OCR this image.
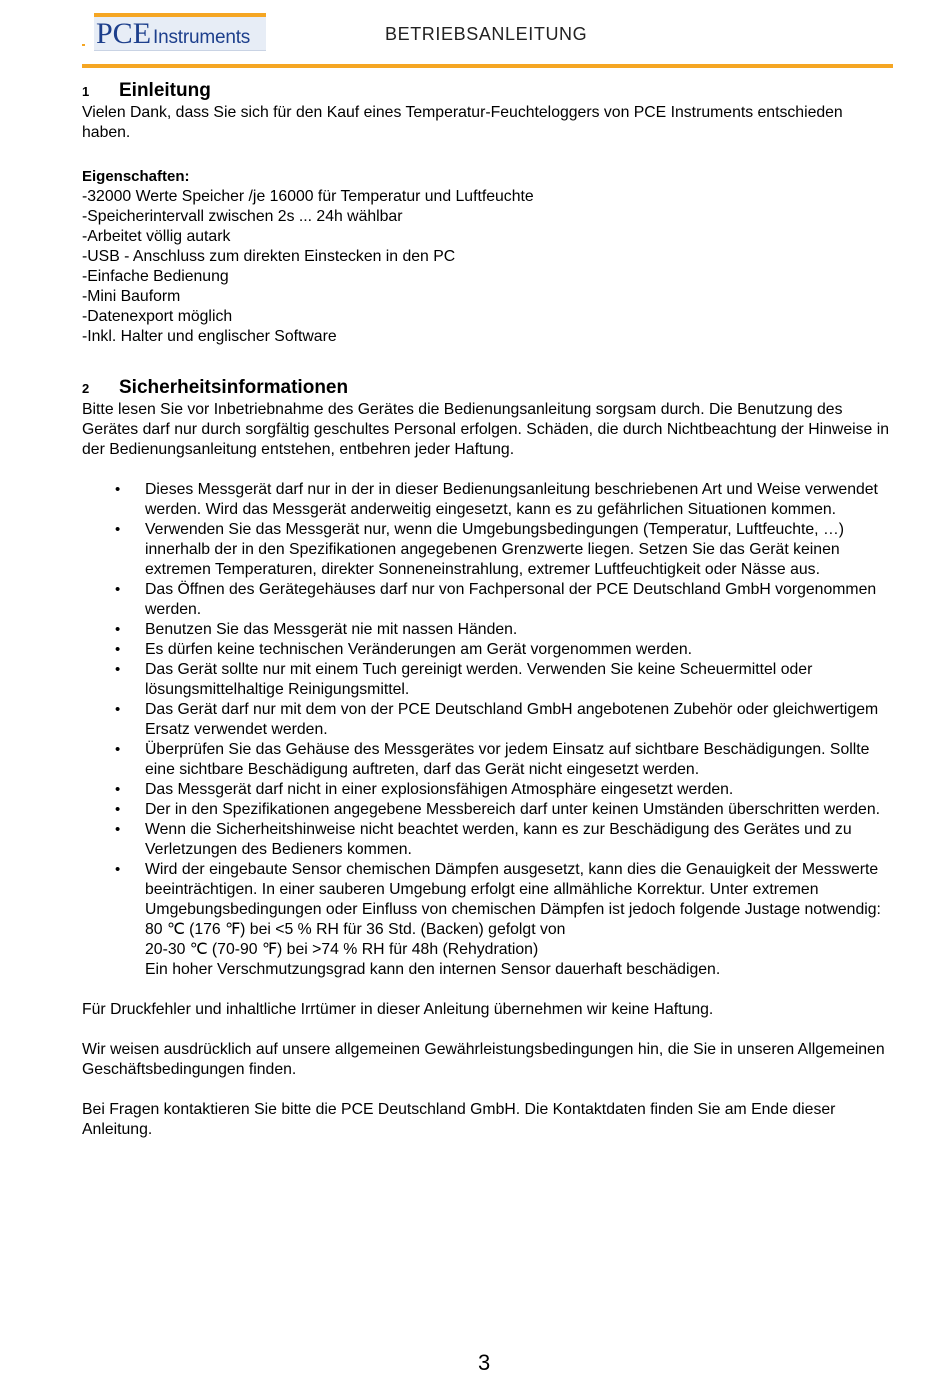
PCE Instruments	BETRIEBSANLEITUNG
1 Einleitung

Vielen Dank, dass Sie sich für den Kauf eines Temperatur-Feuchteloggers von PCE Instruments entschieden haben.

Eigenschaften:

-32000 Werte Speicher /je 16000 für Temperatur und Luftfeuchte

-Speicherintervall zwischen 2s ... 24h wählbar

-Arbeitet völlig autark

-USB - Anschluss zum direkten Einstecken in den PC

-Einfache Bedienung

-Mini Bauform

-Datenexport möglich

-Inkl. Halter und englischer Software

2 Sicherheitsinformationen

Bitte lesen Sie vor Inbetriebnahme des Gerätes die Bedienungsanleitung sorgsam durch. Die Benutzung des Gerätes darf nur durch sorgfältig geschultes Personal erfolgen. Schäden, die durch Nichtbeachtung der Hinweise in der Bedienungsanleitung entstehen, entbehren jeder Haftung.

• Dieses Messgerät darf nur in der in dieser Bedienungsanleitung beschriebenen Art und Weise verwendet werden. Wird das Messgerät anderweitig eingesetzt, kann es zu gefährlichen Situationen kommen.
• Verwenden Sie das Messgerät nur, wenn die Umgebungsbedingungen (Temperatur, Luftfeuchte, …) innerhalb der in den Spezifikationen angegebenen Grenzwerte liegen. Setzen Sie das Gerät keinen extremen Temperaturen, direkter Sonneneinstrahlung, extremer Luftfeuchtigkeit oder Nässe aus.
• Das Öffnen des Gerätegehäuses darf nur von Fachpersonal der PCE Deutschland GmbH vorgenommen werden.
• Benutzen Sie das Messgerät nie mit nassen Händen.
• Es dürfen keine technischen Veränderungen am Gerät vorgenommen werden.
• Das Gerät sollte nur mit einem Tuch gereinigt werden. Verwenden Sie keine Scheuermittel oder lösungsmittelhaltige Reinigungsmittel.
• Das Gerät darf nur mit dem von der PCE Deutschland GmbH angebotenen Zubehör oder gleichwertigem Ersatz verwendet werden.
• Überprüfen Sie das Gehäuse des Messgerätes vor jedem Einsatz auf sichtbare Beschädigungen. Sollte eine sichtbare Beschädigung auftreten, darf das Gerät nicht eingesetzt werden.
• Das Messgerät darf nicht in einer explosionsfähigen Atmosphäre eingesetzt werden.
• Der in den Spezifikationen angegebene Messbereich darf unter keinen Umständen überschritten werden.
• Wenn die Sicherheitshinweise nicht beachtet werden, kann es zur Beschädigung des Gerätes und zu Verletzungen des Bedieners kommen.
• Wird der eingebaute Sensor chemischen Dämpfen ausgesetzt, kann dies die Genauigkeit der Messwerte beeinträchtigen. In einer sauberen Umgebung erfolgt eine allmähliche Korrektur. Unter extremen Umgebungsbedingungen oder Einfluss von chemischen Dämpfen ist jedoch folgende Justage notwendig:
80 ℃ (176 ℉) bei <5 % RH für 36 Std. (Backen) gefolgt von
20-30 ℃ (70-90 ℉) bei >74 % RH für 48h (Rehydration)
Ein hoher Verschmutzungsgrad kann den internen Sensor dauerhaft beschädigen.

Für Druckfehler und inhaltliche Irrtümer in dieser Anleitung übernehmen wir keine Haftung.

Wir weisen ausdrücklich auf unsere allgemeinen Gewährleistungsbedingungen hin, die Sie in unseren Allgemeinen Geschäftsbedingungen finden.

Bei Fragen kontaktieren Sie bitte die PCE Deutschland GmbH. Die Kontaktdaten finden Sie am Ende dieser Anleitung.

3
